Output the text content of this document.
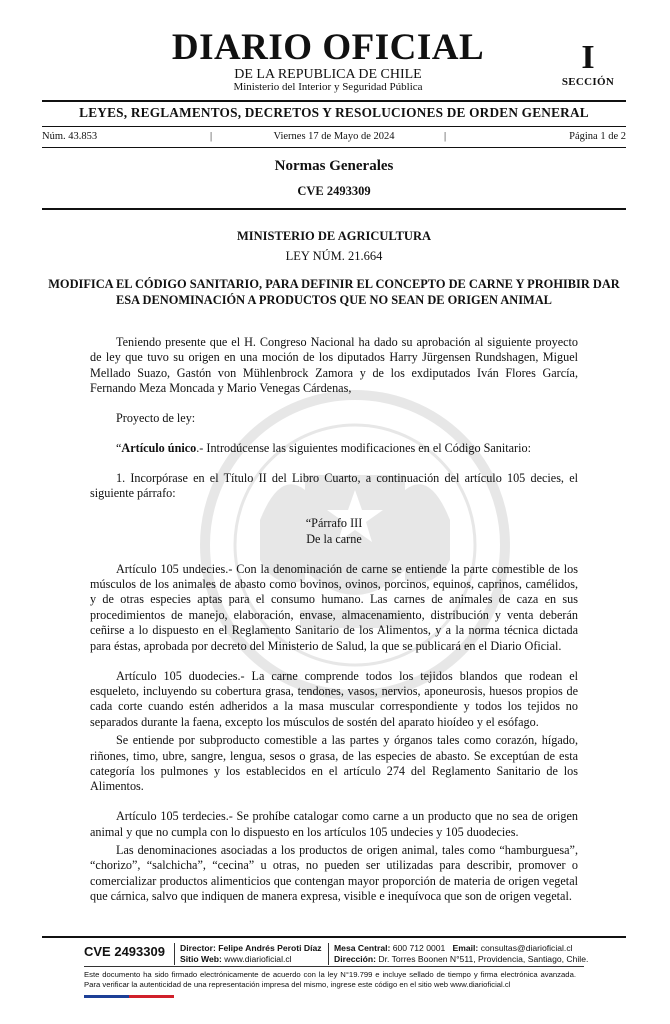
DIARIO OFICIAL
DE LA REPUBLICA DE CHILE
Ministerio del Interior y Seguridad Pública
I
SECCIÓN
LEYES, REGLAMENTOS, DECRETOS Y RESOLUCIONES DE ORDEN GENERAL
Núm. 43.853	Viernes 17 de Mayo de 2024	Página 1 de 2
|	|
Normas Generales
CVE 2493309
MINISTERIO DE AGRICULTURA
LEY NÚM. 21.664
MODIFICA EL CÓDIGO SANITARIO, PARA DEFINIR EL CONCEPTO DE CARNE Y PROHIBIR DAR ESA DENOMINACIÓN A PRODUCTOS QUE NO SEAN DE ORIGEN ANIMAL

Teniendo presente que el H. Congreso Nacional ha dado su aprobación al siguiente proyecto de ley que tuvo su origen en una moción de los diputados Harry Jürgensen Rundshagen, Miguel Mellado Suazo, Gastón von Mühlenbrock Zamora y de los exdiputados Iván Flores García, Fernando Meza Moncada y Mario Venegas Cárdenas,

Proyecto de ley:

“Artículo único.- Introdúcense las siguientes modificaciones en el Código Sanitario:

1. Incorpórase en el Título II del Libro Cuarto, a continuación del artículo 105 decies, el siguiente párrafo:

“Párrafo III

De la carne

Artículo 105 undecies.- Con la denominación de carne se entiende la parte comestible de los músculos de los animales de abasto como bovinos, ovinos, porcinos, equinos, caprinos, camélidos, y de otras especies aptas para el consumo humano. Las carnes de animales de caza en sus procedimientos de manejo, elaboración, envase, almacenamiento, distribución y venta deberán ceñirse a lo dispuesto en el Reglamento Sanitario de los Alimentos, y a la norma técnica dictada para éstas, aprobada por decreto del Ministerio de Salud, la que se publicará en el Diario Oficial.

Artículo 105 duodecies.- La carne comprende todos los tejidos blandos que rodean el esqueleto, incluyendo su cobertura grasa, tendones, vasos, nervios, aponeurosis, huesos propios de cada corte cuando estén adheridos a la masa muscular correspondiente y todos los tejidos no separados durante la faena, excepto los músculos de sostén del aparato hioídeo y el esófago.

Se entiende por subproducto comestible a las partes y órganos tales como corazón, hígado, riñones, timo, ubre, sangre, lengua, sesos o grasa, de las especies de abasto. Se exceptúan de esta categoría los pulmones y los establecidos en el artículo 274 del Reglamento Sanitario de los Alimentos.

Artículo 105 terdecies.- Se prohíbe catalogar como carne a un producto que no sea de origen animal y que no cumpla con lo dispuesto en los artículos 105 undecies y 105 duodecies.

Las denominaciones asociadas a los productos de origen animal, tales como “hamburguesa”, “chorizo”, “salchicha”, “cecina” u otras, no pueden ser utilizadas para describir, promover o comercializar productos alimenticios que contengan mayor proporción de materia de origen vegetal que cárnica, salvo que indiquen de manera expresa, visible e inequívoca que son de origen vegetal.

CVE 2493309 Director: Felipe Andrés Peroti Díaz
Sitio Web: www.diarioficial.cl
Mesa Central: 600 712 0001 Email: consultas@diarioficial.cl
Dirección: Dr. Torres Boonen N°511, Providencia, Santiago, Chile.
Este documento ha sido firmado electrónicamente de acuerdo con la ley N°19.799 e incluye sellado de tiempo y firma electrónica avanzada. Para verificar la autenticidad de una representación impresa del mismo, ingrese este código en el sitio web www.diarioficial.cl
